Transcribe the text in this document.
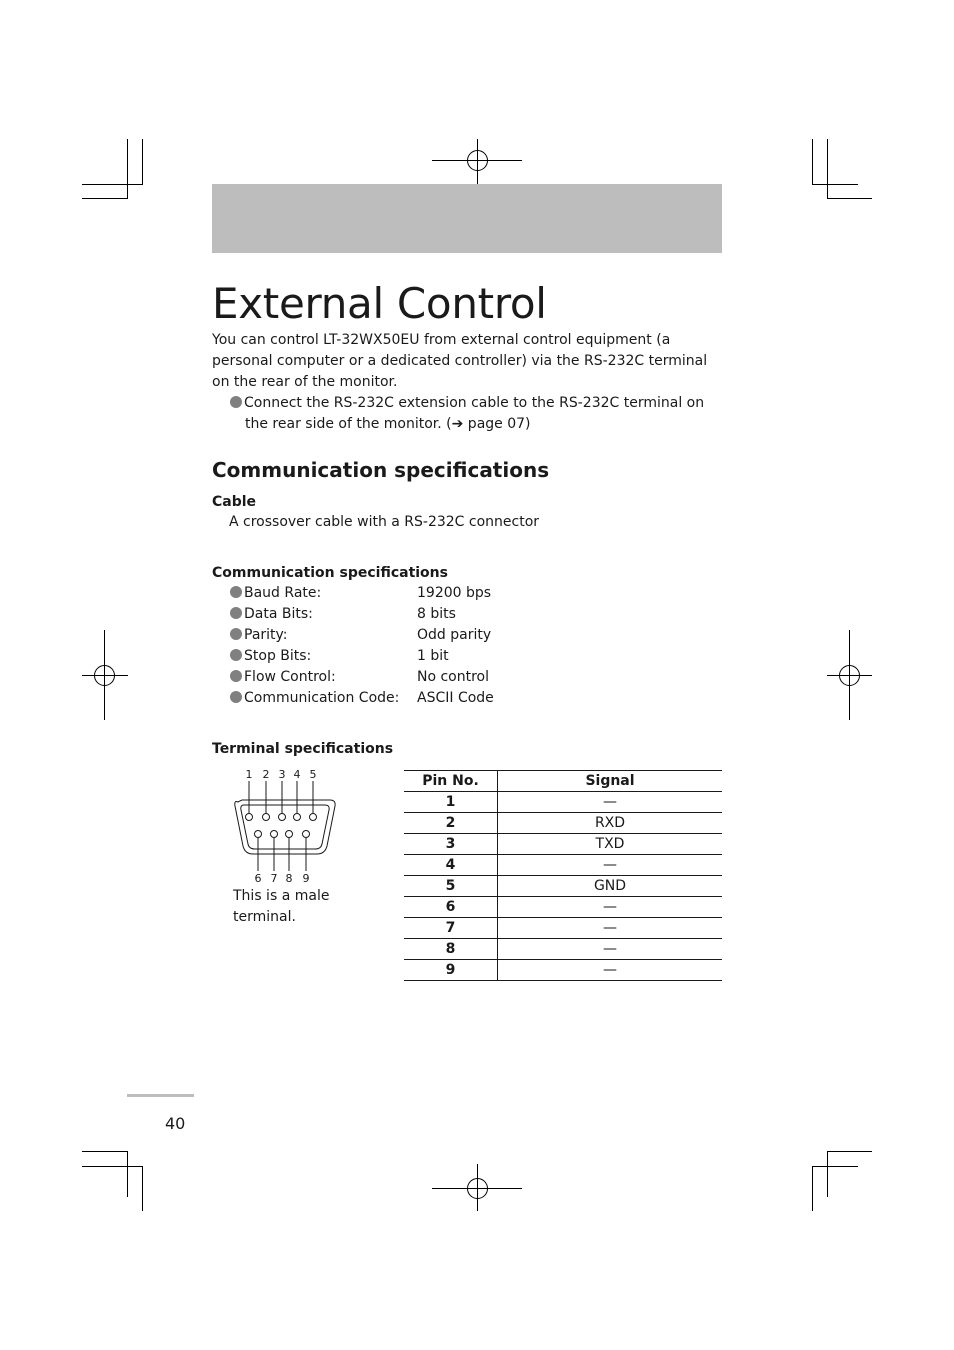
External Control
You can control LT-32WX50EU from external control equipment (a personal computer or a dedicated controller) via the RS-232C terminal on the rear of the monitor.
Connect the RS-232C extension cable to the RS-232C terminal on the rear side of the monitor. (➔ page 07)
Communication specifications
Cable
A crossover cable with a RS-232C connector
Communication specifications
Baud Rate:	19200 bps
Data Bits:	8 bits
Parity:	Odd parity
Stop Bits:	1 bit
Flow Control:	No control
Communication Code: ASCII Code
Terminal specifications
1 2 3 4 5
6 7 8 9
This is a male terminal.
Pin No.	Signal
1	—
2	RXD
3	TXD
4	—
5	GND
6	—
7	—
8	—
9	—
40
